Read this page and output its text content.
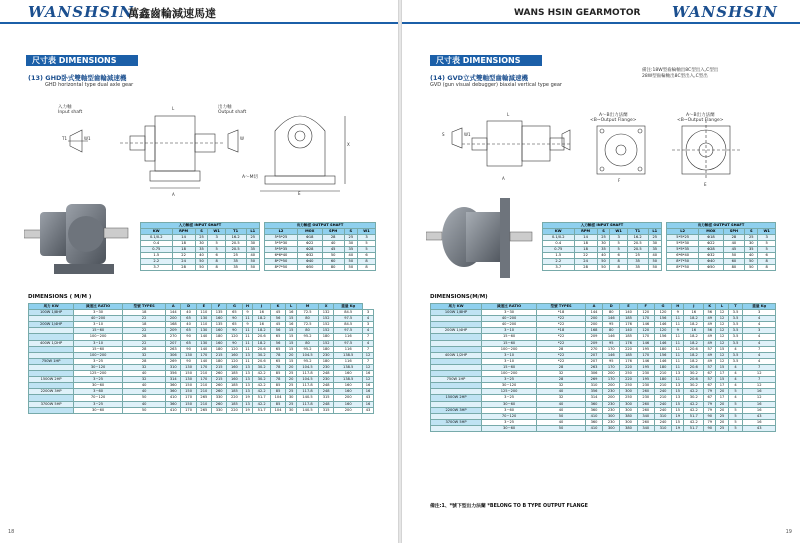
WANSHSIN
萬鑫齒輪減速馬達
尺寸表 DIMENSIONS
(13) GHD卧式雙軸型齒輪減速機
GHD horizontal type dual axle gear
入力軸
Input shaft
出力軸
Output shaft
A～M切
T1	W1
L
A
W
E
X
入力軸徑 INPUT SHAFT					
KW	RPM	S	W1	T1	L1
0.1/0.2	14	25	3	16.2	25
0.4	18	30	5	20.5	30
0.75	18	35	5	20.5	35
1.5	22	40	6	25	40
2.2	24	50	8	35	50
3.7	28	50	8	35	50
出力軸徑 OUTPUT SHAFT				
L2	MOX	SPH	S	W1
5*5*25	Φ18	28	25	3
5*5*30	Φ22	40	30	5
5*5*35	Φ28	45	35	5
6*6*40	Φ32	50	40	6
8*7*50	Φ40	60	50	8
8*7*50	Φ50	80	50	8
DIMENSIONS ( M/M )
馬力 KW	減速比 RATIO	型號 TYPES	A	D	E	F	G	H	J	K	L	M	X	重量 Kg	
100W 1/8HP	3~30	18	144	40	110	135	65	9	16	45	16	72.5	132	84.5	3
	40~200	22	200	65	130	160	90	11	18.2	56	15	80	152	97.5	4
200W 1/4HP	3~10	18	168	40	110	135	65	9	16	45	16	72.5	152	84.5	3
	15~60	22	209	65	130	160	90	11	18.2	56	15	80	152	97.5	4
	100~200	28	270	90	140	180	120	11	20.6	65	15	95.2	180	116	7
400W 1/2HP	3~10	22	207	65	130	160	90	11	18.2	56	15	80	152	97.5	4
	15~60	28	263	90	140	180	120	11	20.6	65	15	95.2	180	116	7
	100~200	32	306	130	170	215	160	13	30.2	78	20	104.5	230	138.5	12
750W 1HP	3~25	28	269	90	140	180	120	11	20.6	65	15	95.2	180	116	7
	30~120	32	310	130	170	215	160	13	30.2	78	20	104.5	230	138.5	12
	125~200	40	356	150	210	260	185	13	42.2	85	25	117.8	248	160	16
1500W 2HP	3~25	32	314	130	170	215	160	13	30.2	78	20	104.5	230	138.5	12
	30~60	40	360	150	210	260	185	13	42.2	85	25	117.8	248	160	16
2200W 3HP	3~60	40	360	150	210	260	185	13	42.2	85	25	117.8	248	160	16
	70~120	50	410	170	265	330	220	19	51.7	104	30	140.5	315	200	43
3700W 5HP	3~25	40	360	150	210	260	185	13	42.2	85	25	117.8	248	160	16
	30~60	50	410	170	265	330	220	19	51.7	104	30	140.5	315	200	43
18
WANS HSIN GEARMOTOR WANSHSIN
尺寸表 DIMENSIONS
(14) GVD立式雙軸型齒輪減速機
GVD (gun visual debugger) biaxial vertical type gear
備注:18W型齒輪軸出8C型出入,C型出
28W型齒輪軸出8C型出入,C型出
A～B出力法蘭
<B~Output Flange>
A～B出力法蘭
<B~Output Flange>
S	W1
L
A	F
E
入力軸徑 INPUT SHAFT					
KW	RPM	S	W1	T1	L1
0.1/0.2	14	25	3	16.2	25
0.4	18	30	5	20.5	30
0.75	18	35	5	20.5	35
1.5	22	40	6	25	40
2.2	24	50	8	35	50
3.7	28	50	8	35	50
出力軸徑 OUTPUT SHAFT				
L2	MOX	SPH	S	W1
5*5*25	Φ18	28	25	3
5*5*30	Φ22	40	30	5
5*5*35	Φ28	45	35	5
6*6*40	Φ32	50	40	6
8*7*50	Φ40	60	50	8
8*7*50	Φ50	80	50	8
DIMENSIONS(M/M)
馬力 KW	減速比 RATIO	型號 TYPES	A	D	E	F	G	H	J	K	L	T	重量 Kg
100W 1/8HP	3~30	*18	144	80	140	120	120	9	16	56	12	3.5	3
	40~200	*22	200	146	185	170	156	11	18.2	49	12	3.5	4
	40~200	*22	200	95	176	146	146	11	18.2	49	12	3.5	4
200W 1/4HP	3~10	*18	168	80	140	120	120	9	16	56	12	3.5	3
	15~60	*22	209	146	185	170	156	11	18.2	49	12	3.5	4
	15~60	*22	209	95	176	146	146	11	18.2	49	12	3.5	4
	100~200	28	270	170	220	195	180	11	20.6	57	15	4	7
400W 1/2HP	3~10	*22	207	146	185	170	156	11	18.2	49	12	3.5	4
	3~10	*22	207	95	176	146	146	11	18.2	49	12	3.5	4
	15~60	28	263	170	220	195	180	11	20.6	57	15	4	7
	100~200	32	306	200	250	230	210	13	30.2	67	17	4	12
750W 1HP	3~25	28	269	170	220	195	180	11	20.6	57	15	4	7
	30~120	32	310	200	250	230	210	13	30.2	67	17	4	12
	125~200	40	356	230	300	260	240	15	42.2	79	20	5	16
1500W 2HP	3~25	32	314	200	250	230	210	13	30.2	67	17	4	12
	30~60	40	360	230	300	260	240	15	42.2	79	20	5	16
2200W 3HP	3~60	40	360	230	300	260	240	15	42.2	79	20	5	16
	70~120	50	410	300	380	340	310	19	51.7	90	25	5	43
3700W 5HP	3~25	40	360	230	300	260	240	15	42.2	79	20	5	16
	30~60	50	410	300	380	340	310	19	51.7	90	25	5	43
備注:1、*號下型出力法蘭 *BELONG TO B TYPE OUTPUT FLANGE
19
